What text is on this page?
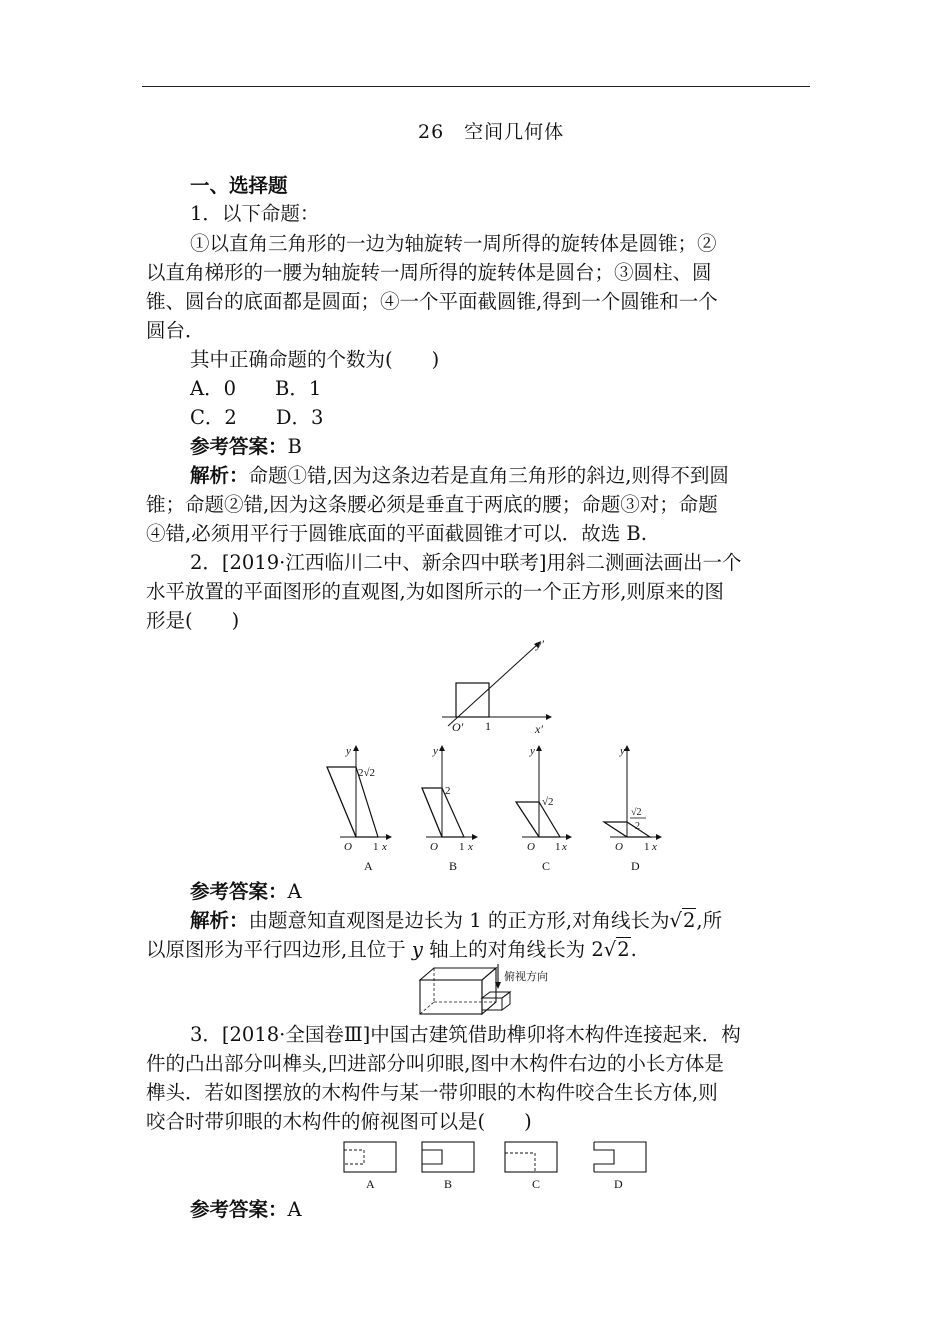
26　空间几何体
一、选择题
1．以下命题：
①以直角三角形的一边为轴旋转一周所得的旋转体是圆锥；②
以直角梯形的一腰为轴旋转一周所得的旋转体是圆台；③圆柱、圆
锥、圆台的底面都是圆面；④一个平面截圆锥,得到一个圆锥和一个
圆台．
其中正确命题的个数为(　　)
A．0　　B．1
C．2　　D．3
参考答案：B
解析：命题①错,因为这条边若是直角三角形的斜边,则得不到圆
锥；命题②错,因为这条腰必须是垂直于两底的腰；命题③对；命题
④错,必须用平行于圆锥底面的平面截圆锥才可以．故选 B.
2．[2019·江西临川二中、新余四中联考]用斜二测画法画出一个
水平放置的平面图形的直观图,为如图所示的一个正方形,则原来的图
形是(　　)
y′
x′
O′ 1
y
x
O 1
2√2
A
y
x
O 1
2
B
y
x
O 1
√2
C
y
x
O 1
√2
2
D
参考答案：A
解析：由题意知直观图是边长为 1 的正方形,对角线长为√2,所
以原图形为平行四边形,且位于 y 轴上的对角线长为 2√2.
俯视方向
3．[2018·全国卷Ⅲ]中国古建筑借助榫卯将木构件连接起来．构
件的凸出部分叫榫头,凹进部分叫卯眼,图中木构件右边的小长方体是
榫头．若如图摆放的木构件与某一带卯眼的木构件咬合生长方体,则
咬合时带卯眼的木构件的俯视图可以是(　　)
A	B	C	D
参考答案：A
